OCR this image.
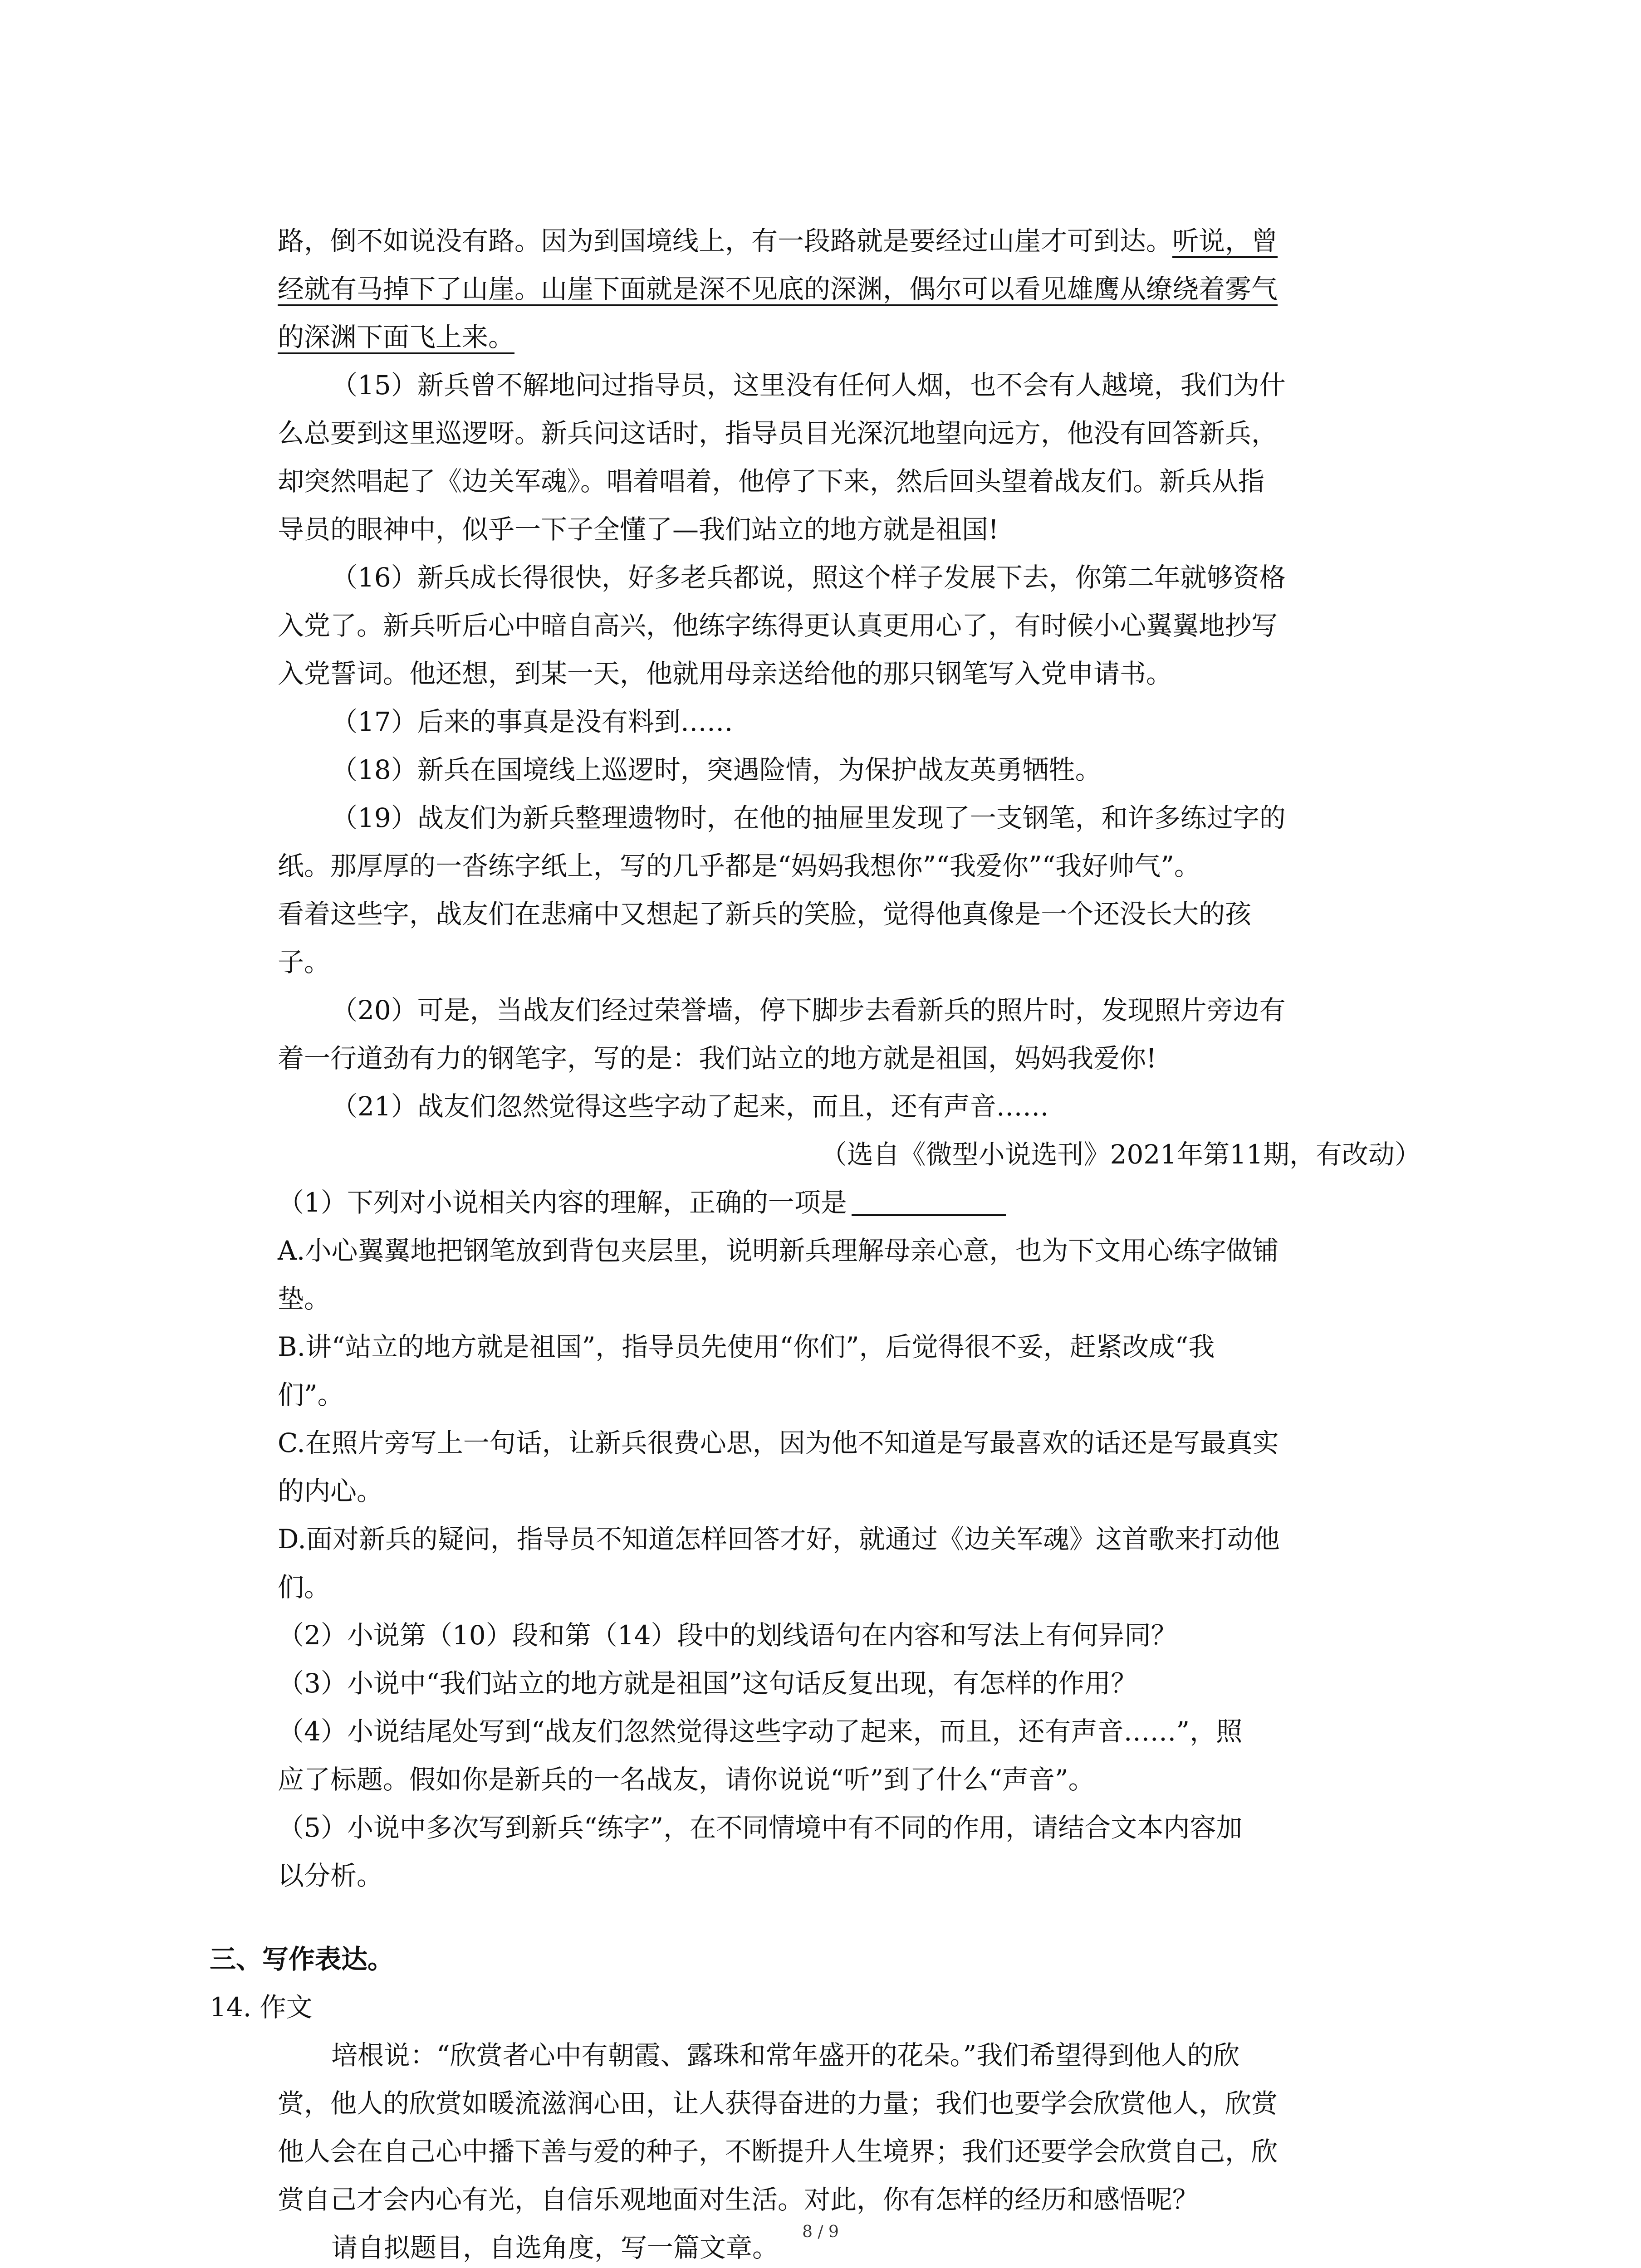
路，倒不如说没有路。因为到国境线上，有一段路就是要经过山崖才可到达。听说，曾
经就有马掉下了山崖。山崖下面就是深不见底的深渊，偶尔可以看见雄鹰从缭绕着雾气
的深渊下面飞上来。
（15）新兵曾不解地问过指导员，这里没有任何人烟，也不会有人越境，我们为什
么总要到这里巡逻呀。新兵问这话时，指导员目光深沉地望向远方，他没有回答新兵，
却突然唱起了《边关军魂》。唱着唱着，他停了下来，然后回头望着战友们。新兵从指
导员的眼神中，似乎一下子全懂了—我们站立的地方就是祖国!
（16）新兵成长得很快，好多老兵都说，照这个样子发展下去，你第二年就够资格
入党了。新兵听后心中暗自高兴，他练字练得更认真更用心了，有时候小心翼翼地抄写
入党誓词。他还想，到某一天，他就用母亲送给他的那只钢笔写入党申请书。
（17）后来的事真是没有料到……
（18）新兵在国境线上巡逻时，突遇险情，为保护战友英勇牺牲。
（19）战友们为新兵整理遗物时，在他的抽屉里发现了一支钢笔，和许多练过字的
纸。那厚厚的一沓练字纸上，写的几乎都是“妈妈我想你”“我爱你”“我好帅气”。
看着这些字，战友们在悲痛中又想起了新兵的笑脸，觉得他真像是一个还没长大的孩
子。
（20）可是，当战友们经过荣誉墙，停下脚步去看新兵的照片时，发现照片旁边有
着一行道劲有力的钢笔字，写的是：我们站立的地方就是祖国，妈妈我爱你!
（21）战友们忽然觉得这些字动了起来，而且，还有声音……
（选自《微型小说选刊》2021年第11期，有改动）
（1）下列对小说相关内容的理解，正确的一项是
A.小心翼翼地把钢笔放到背包夹层里，说明新兵理解母亲心意，也为下文用心练字做铺
垫。
B.讲“站立的地方就是祖国”，指导员先使用“你们”，后觉得很不妥，赶紧改成“我
们”。
C.在照片旁写上一句话，让新兵很费心思，因为他不知道是写最喜欢的话还是写最真实
的内心。
D.面对新兵的疑问，指导员不知道怎样回答才好，就通过《边关军魂》这首歌来打动他
们。
（2）小说第（10）段和第（14）段中的划线语句在内容和写法上有何异同？
（3）小说中“我们站立的地方就是祖国”这句话反复出现，有怎样的作用？
（4）小说结尾处写到“战友们忽然觉得这些字动了起来，而且，还有声音……”，照
应了标题。假如你是新兵的一名战友，请你说说“听”到了什么“声音”。
（5）小说中多次写到新兵“练字”，在不同情境中有不同的作用，请结合文本内容加
以分析。
三、写作表达。
14. 作文
培根说：“欣赏者心中有朝霞、露珠和常年盛开的花朵。”我们希望得到他人的欣
赏，他人的欣赏如暖流滋润心田，让人获得奋进的力量；我们也要学会欣赏他人，欣赏
他人会在自己心中播下善与爱的种子，不断提升人生境界；我们还要学会欣赏自己，欣
赏自己才会内心有光，自信乐观地面对生活。对此，你有怎样的经历和感悟呢？
请自拟题目，自选角度，写一篇文章。
8 / 9
